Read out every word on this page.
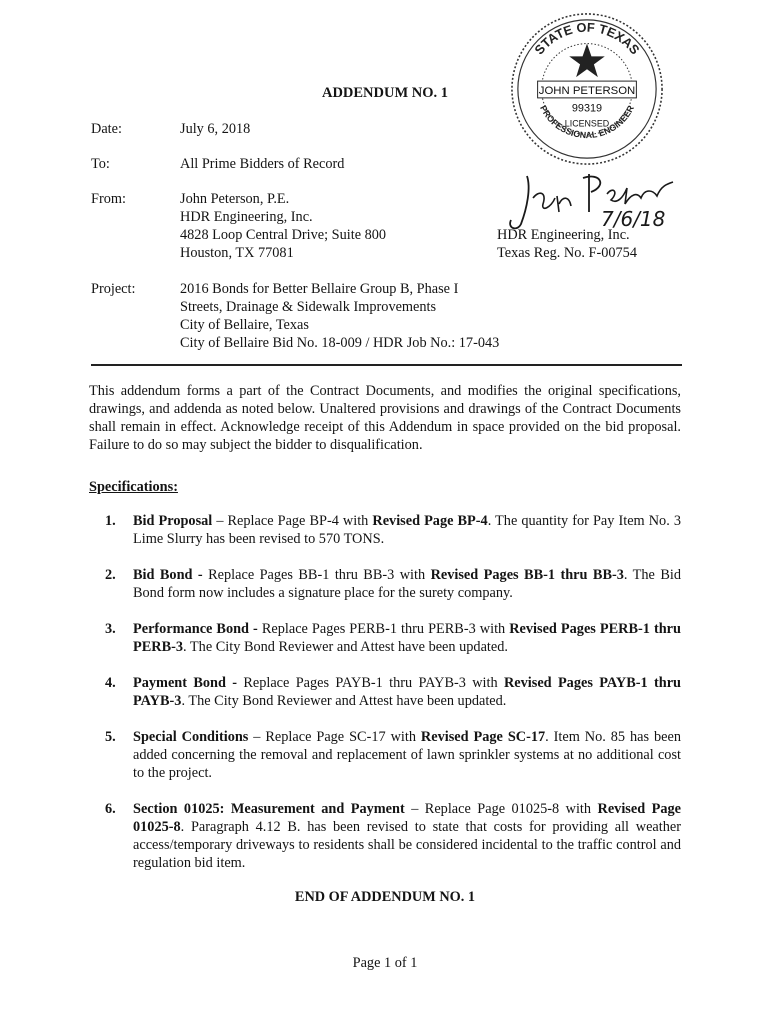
STATE OF TEXAS
PROFESSIONAL ENGINEER
JOHN PETERSON
99319
LICENSED
7/6/18
ADDENDUM NO. 1
Date:	July 6, 2018
To:	All Prime Bidders of Record
From:	John Peterson, P.E.
HDR Engineering, Inc.
4828 Loop Central Drive; Suite 800
Houston, TX 77081
HDR Engineering, Inc.
Texas Reg. No. F-00754
Project:	2016 Bonds for Better Bellaire Group B, Phase I
Streets, Drainage & Sidewalk Improvements
City of Bellaire, Texas
City of Bellaire Bid No. 18-009 / HDR Job No.: 17-043
This addendum forms a part of the Contract Documents, and modifies the original specifications, drawings, and addenda as noted below. Unaltered provisions and drawings of the Contract Documents shall remain in effect. Acknowledge receipt of this Addendum in space provided on the bid proposal. Failure to do so may subject the bidder to disqualification.
Specifications:
1. Bid Proposal – Replace Page BP-4 with Revised Page BP-4. The quantity for Pay Item No. 3 Lime Slurry has been revised to 570 TONS.
2. Bid Bond - Replace Pages BB-1 thru BB-3 with Revised Pages BB-1 thru BB-3. The Bid Bond form now includes a signature place for the surety company.
3. Performance Bond - Replace Pages PERB-1 thru PERB-3 with Revised Pages PERB-1 thru PERB-3. The City Bond Reviewer and Attest have been updated.
4. Payment Bond - Replace Pages PAYB-1 thru PAYB-3 with Revised Pages PAYB-1 thru PAYB-3. The City Bond Reviewer and Attest have been updated.
5. Special Conditions – Replace Page SC-17 with Revised Page SC-17. Item No. 85 has been added concerning the removal and replacement of lawn sprinkler systems at no additional cost to the project.
6. Section 01025: Measurement and Payment – Replace Page 01025-8 with Revised Page 01025-8. Paragraph 4.12 B. has been revised to state that costs for providing all weather access/temporary driveways to residents shall be considered incidental to the traffic control and regulation bid item.
END OF ADDENDUM NO. 1
Page 1 of 1
